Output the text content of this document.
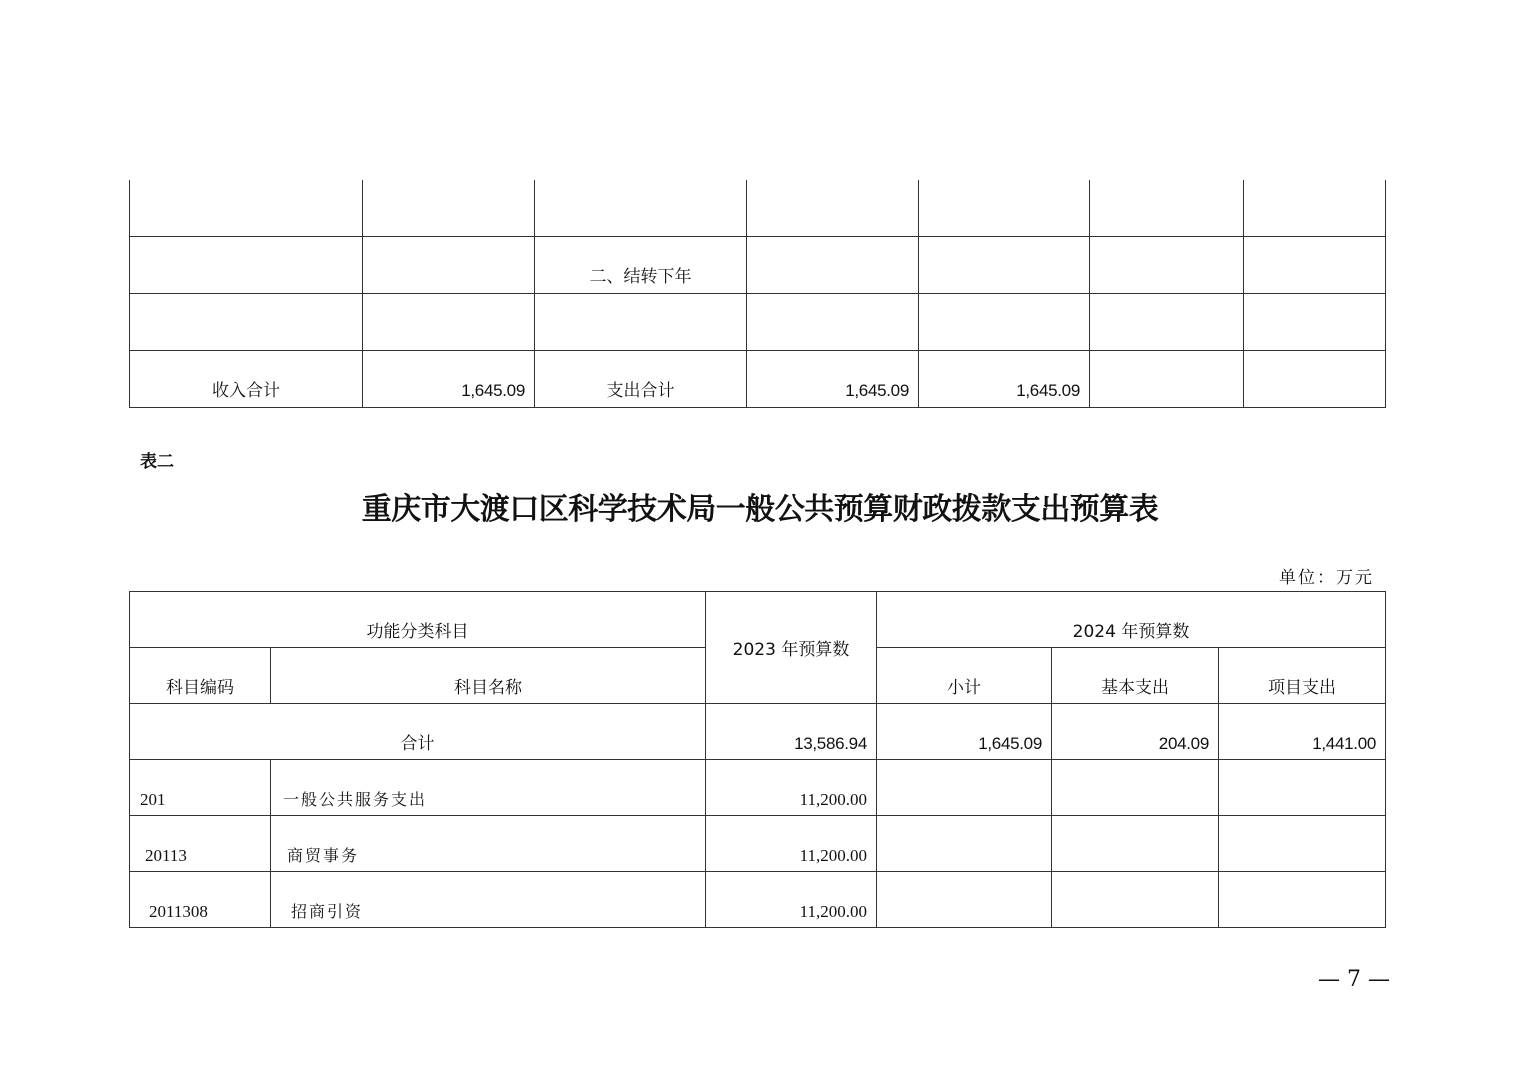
		二、结转下年				

收入合计	1,645.09	支出合计	1,645.09	1,645.09		
表二
重庆市大渡口区科学技术局一般公共预算财政拨款支出预算表
单位：万元
功能分类科目		2023 年预算数	2024 年预算数		
科目编码	科目名称		小计	基本支出	项目支出
合计		13,586.94	1,645.09	204.09	1,441.00
201	一般公共服务支出	11,200.00			
20113	商贸事务	11,200.00			
2011308	招商引资	11,200.00			
— 7 —
